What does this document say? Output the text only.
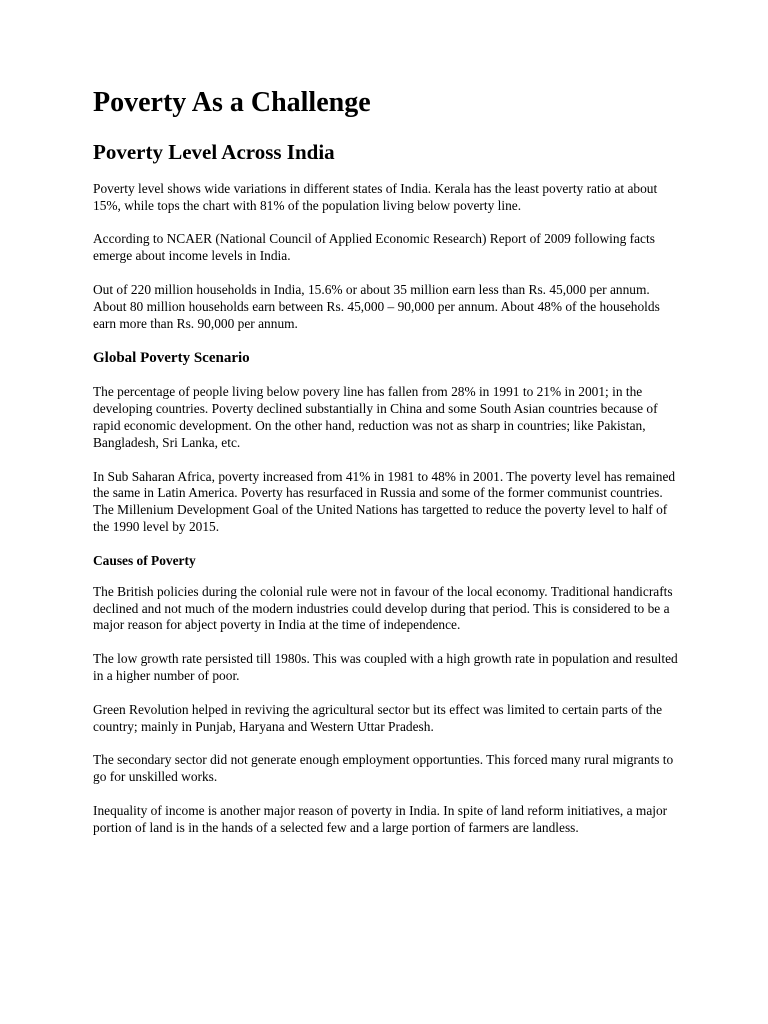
Poverty As a Challenge
Poverty Level Across India

Poverty level shows wide variations in different states of India. Kerala has the least poverty ratio at about 15%, while tops the chart with 81% of the population living below poverty line.

According to NCAER (National Council of Applied Economic Research) Report of 2009 following facts emerge about income levels in India.

Out of 220 million households in India, 15.6% or about 35 million earn less than Rs. 45,000 per annum. About 80 million households earn between Rs. 45,000 – 90,000 per annum. About 48% of the households earn more than Rs. 90,000 per annum.

Global Poverty Scenario

The percentage of people living below povery line has fallen from 28% in 1991 to 21% in 2001; in the developing countries. Poverty declined substantially in China and some South Asian countries because of rapid economic development. On the other hand, reduction was not as sharp in countries; like Pakistan, Bangladesh, Sri Lanka, etc.

In Sub Saharan Africa, poverty increased from 41% in 1981 to 48% in 2001. The poverty level has remained the same in Latin America. Poverty has resurfaced in Russia and some of the former communist countries. The Millenium Development Goal of the United Nations has targetted to reduce the poverty level to half of the 1990 level by 2015.

Causes of Poverty

The British policies during the colonial rule were not in favour of the local economy. Traditional handicrafts declined and not much of the modern industries could develop during that period. This is considered to be a major reason for abject poverty in India at the time of independence.

The low growth rate persisted till 1980s. This was coupled with a high growth rate in population and resulted in a higher number of poor.

Green Revolution helped in reviving the agricultural sector but its effect was limited to certain parts of the country; mainly in Punjab, Haryana and Western Uttar Pradesh.

The secondary sector did not generate enough employment opportunties. This forced many rural migrants to go for unskilled works.

Inequality of income is another major reason of poverty in India. In spite of land reform initiatives, a major portion of land is in the hands of a selected few and a large portion of farmers are landless.
